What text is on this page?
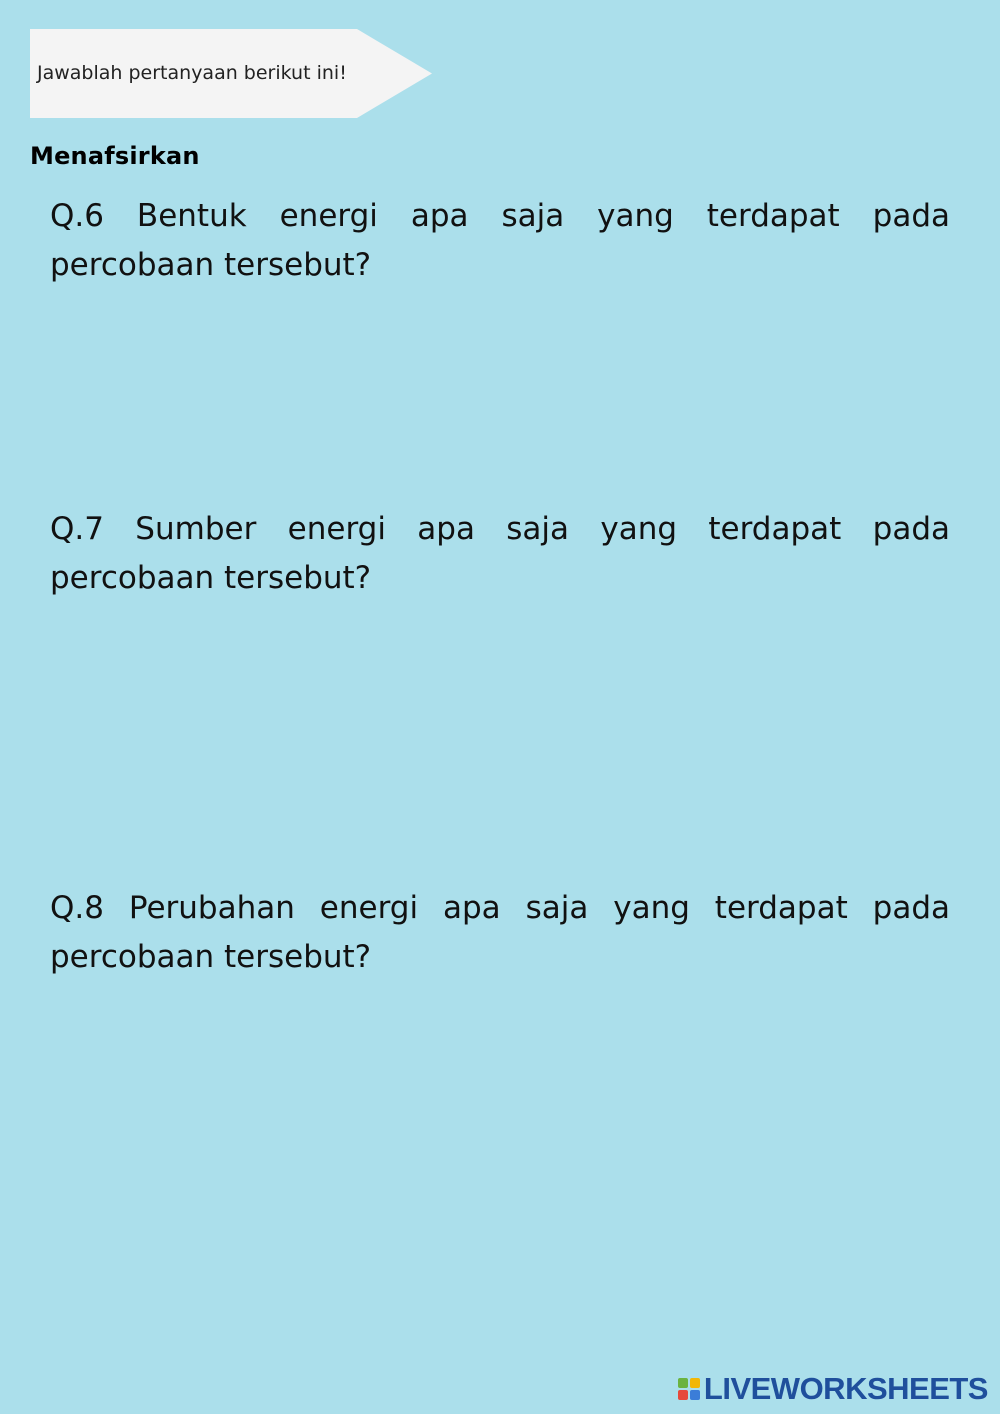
Jawablah pertanyaan berikut ini!
Menafsirkan
Q.6 Bentuk energi apa saja yang terdapat pada percobaan tersebut?
Q.7 Sumber energi apa saja yang terdapat pada percobaan tersebut?
Q.8 Perubahan energi apa saja yang terdapat pada percobaan tersebut?
LIVEWORKSHEETS
